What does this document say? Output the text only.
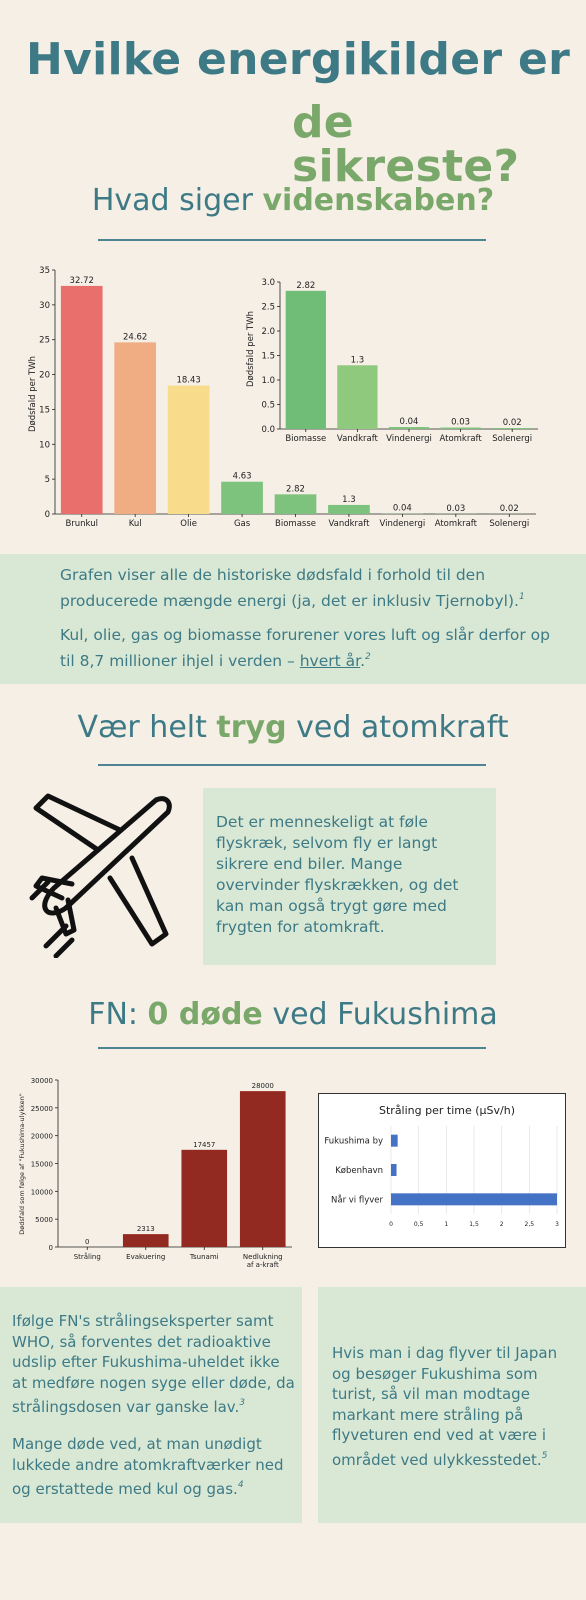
Hvilke energikilder er
de sikreste?
Hvad siger videnskaben?
0
5
10
15
20
25
30
35
Brunkul	Kul	Olie	Gas	Biomasse Vandkraft Vindenergi Atomkraft Solenergi
32.72
24.62
18.43
4.63
2.82
1.3
0.04	0.03	0.02
Dødsfald per TWh	0.0
0.5
1.0
1.5
2.0
2.5
3.0
Biomasse Vandkraft Vindenergi Atomkraft Solenergi
2.82
1.3
0.04	0.03	0.02
Dødsfald per TWh
Grafen viser alle de historiske dødsfald i forhold til den producerede mængde energi (ja, det er inklusiv Tjernobyl).$^1$
Kul, olie, gas og biomasse forurener vores luft og slår derfor op til 8,7 millioner ihjel i verden – hvert år.$^2$
Vær helt tryg ved atomkraft
Det er menneskeligt at føle flyskræk, selvom fly er langt sikrere end biler. Mange overvinder flyskrækken, og det kan man også trygt gøre med frygten for atomkraft.
FN: 0 døde ved Fukushima
0
5000
10000
15000
20000
25000
30000
Stråling	Evakuering	Tsunami	Nedlukning
af a-kraft
0
2313
17457
28000
Dødsfald som følge af "Fukushima-ulykken"	Stråling per time (µSv/h)
0	0,5	1	1,5	2	2,5	3
Fukushima by
København
Når vi flyver
Ifølge FN's strålingseksperter samt WHO, så forventes det radioaktive udslip efter Fukushima-uheldet ikke at medføre nogen syge eller døde, da strålingsdosen var ganske lav.$^3$
Mange døde ved, at man unødigt lukkede andre atomkraftværker ned og erstattede med kul og gas.$^4$
Hvis man i dag flyver til Japan og besøger Fukushima som turist, så vil man modtage markant mere stråling på flyveturen end ved at være i området ved ulykkesstedet.$^5$
